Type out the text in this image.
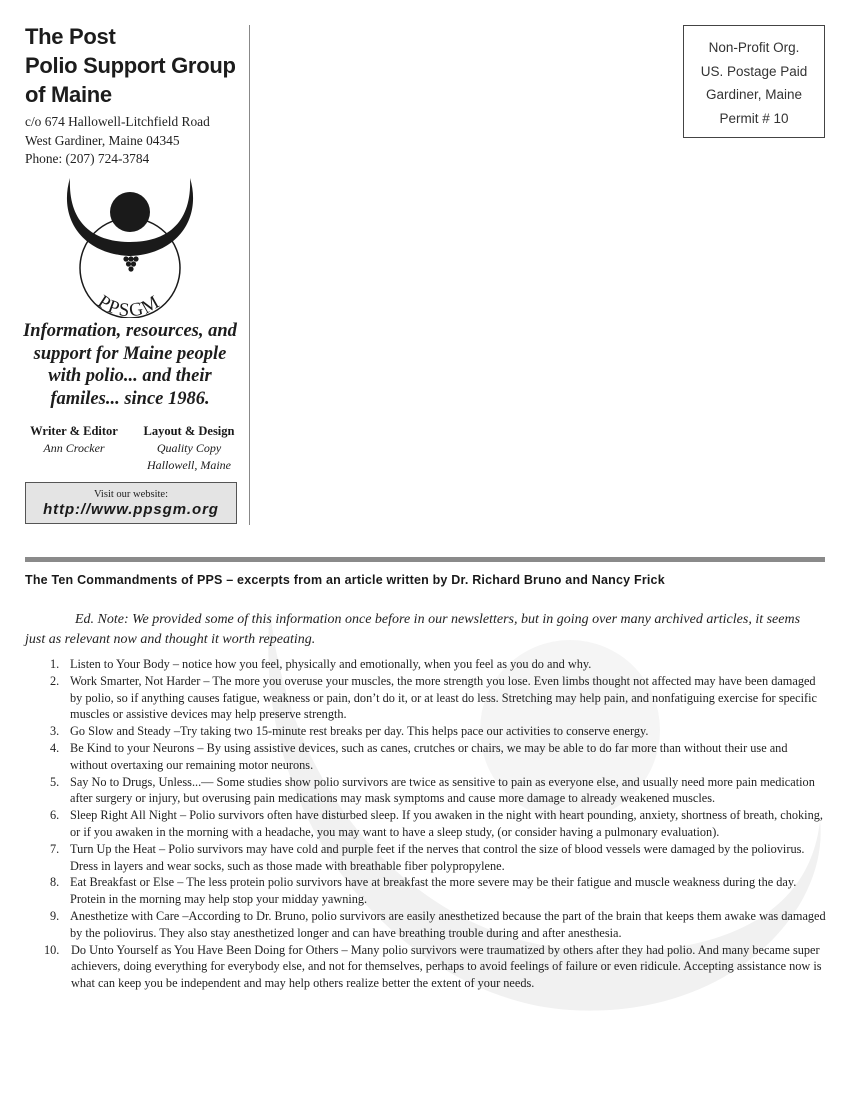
The Post
Polio Support Group
of Maine
c/o 674 Hallowell-Litchfield Road
West Gardiner, Maine 04345
Phone: (207) 724-3784
PPSGM
Information, resources, and support for Maine people with polio... and their familes... since 1986.
Writer & Editor
Ann Crocker
Layout & Design
Quality Copy
Hallowell, Maine
Visit our website:
http://www.ppsgm.org
Non-Profit Org.
US. Postage Paid
Gardiner, Maine
Permit # 10
The Ten Commandments of PPS – excerpts from an article written by Dr. Richard Bruno and Nancy Frick
Ed. Note: We provided some of this information once before in our newsletters, but in going over many archived articles, it seems just as relevant now and thought it worth repeating.
1. Listen to Your Body – notice how you feel, physically and emotionally, when you feel as you do and why.
2. Work Smarter, Not Harder – The more you overuse your muscles, the more strength you lose. Even limbs thought not affected may have been damaged by polio, so if anything causes fatigue, weakness or pain, don’t do it, or at least do less. Stretching may help pain, and nonfatiguing exercise for specific muscles or assistive devices may help preserve strength.
3. Go Slow and Steady –Try taking two 15-minute rest breaks per day. This helps pace our activities to conserve energy.
4. Be Kind to your Neurons – By using assistive devices, such as canes, crutches or chairs, we may be able to do far more than without their use and without overtaxing our remaining motor neurons.
5. Say No to Drugs, Unless...— Some studies show polio survivors are twice as sensitive to pain as everyone else, and usually need more pain medication after surgery or injury, but overusing pain medications may mask symptoms and cause more damage to already weakened muscles.
6. Sleep Right All Night – Polio survivors often have disturbed sleep. If you awaken in the night with heart pounding, anxiety, shortness of breath, choking, or if you awaken in the morning with a headache, you may want to have a sleep study, (or consider having a pulmonary evaluation).
7. Turn Up the Heat – Polio survivors may have cold and purple feet if the nerves that control the size of blood vessels were damaged by the poliovirus. Dress in layers and wear socks, such as those made with breathable fiber polypropylene.
8. Eat Breakfast or Else – The less protein polio survivors have at breakfast the more severe may be their fatigue and muscle weakness during the day. Protein in the morning may help stop your midday yawning.
9. Anesthetize with Care –According to Dr. Bruno, polio survivors are easily anesthetized because the part of the brain that keeps them awake was damaged by the poliovirus. They also stay anesthetized longer and can have breathing trouble during and after anesthesia.
10. Do Unto Yourself as You Have Been Doing for Others – Many polio survivors were traumatized by others after they had polio. And many became super achievers, doing everything for everybody else, and not for themselves, perhaps to avoid feelings of failure or even ridicule. Accepting assistance now is what can keep you be independent and may help others realize better the extent of your needs.
